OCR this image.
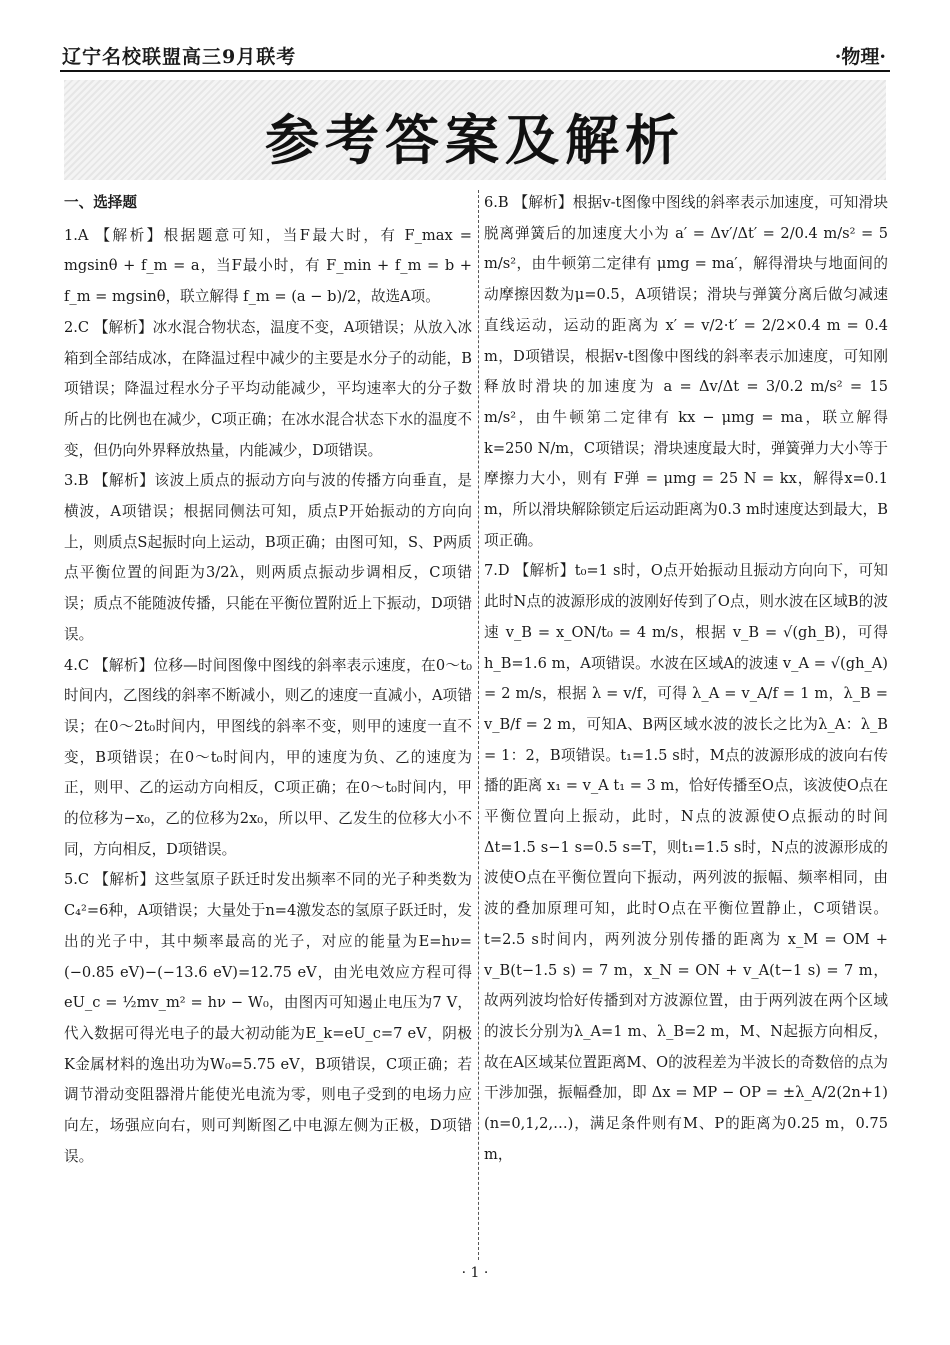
辽宁名校联盟高三9月联考	·物理·
参考答案及解析

一、选择题

1.A 【解析】根据题意可知，当F最大时，有 F_max = mgsinθ + f_m = a，当F最小时，有 F_min + f_m = b + f_m = mgsinθ，联立解得 f_m = (a − b)/2，故选A项。

2.C 【解析】冰水混合物状态，温度不变，A项错误；从放入冰箱到全部结成冰，在降温过程中减少的主要是水分子的动能，B项错误；降温过程水分子平均动能减少，平均速率大的分子数所占的比例也在减少，C项正确；在冰水混合状态下水的温度不变，但仍向外界释放热量，内能减少，D项错误。

3.B 【解析】该波上质点的振动方向与波的传播方向垂直，是横波，A项错误；根据同侧法可知，质点P开始振动的方向向上，则质点S起振时向上运动，B项正确；由图可知，S、P两质点平衡位置的间距为3/2λ，则两质点振动步调相反，C项错误；质点不能随波传播，只能在平衡位置附近上下振动，D项错误。

4.C 【解析】位移—时间图像中图线的斜率表示速度，在0～t₀时间内，乙图线的斜率不断减小，则乙的速度一直减小，A项错误；在0～2t₀时间内，甲图线的斜率不变，则甲的速度一直不变，B项错误；在0～t₀时间内，甲的速度为负、乙的速度为正，则甲、乙的运动方向相反，C项正确；在0～t₀时间内，甲的位移为−x₀，乙的位移为2x₀，所以甲、乙发生的位移大小不同，方向相反，D项错误。

5.C 【解析】这些氢原子跃迁时发出频率不同的光子种类数为C₄²=6种，A项错误；大量处于n=4激发态的氢原子跃迁时，发出的光子中，其中频率最高的光子，对应的能量为E=hν=(−0.85 eV)−(−13.6 eV)=12.75 eV，由光电效应方程可得 eU_c = ½mv_m² = hν − W₀，由图丙可知遏止电压为7 V，代入数据可得光电子的最大初动能为E_k=eU_c=7 eV，阴极K金属材料的逸出功为W₀=5.75 eV，B项错误，C项正确；若调节滑动变阻器滑片能使光电流为零，则电子受到的电场力应向左，场强应向右，则可判断图乙中电源左侧为正极，D项错误。

6.B 【解析】根据v-t图像中图线的斜率表示加速度，可知滑块脱离弹簧后的加速度大小为 a′ = Δv′/Δt′ = 2/0.4 m/s² = 5 m/s²，由牛顿第二定律有 μmg = ma′，解得滑块与地面间的动摩擦因数为μ=0.5，A项错误；滑块与弹簧分离后做匀减速直线运动，运动的距离为 x′ = v/2·t′ = 2/2×0.4 m = 0.4 m，D项错误，根据v-t图像中图线的斜率表示加速度，可知刚释放时滑块的加速度为 a = Δv/Δt = 3/0.2 m/s² = 15 m/s²，由牛顿第二定律有 kx − μmg = ma，联立解得k=250 N/m，C项错误；滑块速度最大时，弹簧弹力大小等于摩擦力大小，则有 F弹 = μmg = 25 N = kx，解得x=0.1 m，所以滑块解除锁定后运动距离为0.3 m时速度达到最大，B项正确。

7.D 【解析】t₀=1 s时，O点开始振动且振动方向向下，可知此时N点的波源形成的波刚好传到了O点，则水波在区域B的波速 v_B = x_ON/t₀ = 4 m/s，根据 v_B = √(gh_B)，可得h_B=1.6 m，A项错误。水波在区域A的波速 v_A = √(gh_A) = 2 m/s，根据 λ = v/f，可得 λ_A = v_A/f = 1 m，λ_B = v_B/f = 2 m，可知A、B两区域水波的波长之比为λ_A：λ_B = 1：2，B项错误。t₁=1.5 s时，M点的波源形成的波向右传播的距离 x₁ = v_A t₁ = 3 m，恰好传播至O点，该波使O点在平衡位置向上振动，此时，N点的波源使O点振动的时间 Δt=1.5 s−1 s=0.5 s=T，则t₁=1.5 s时，N点的波源形成的波使O点在平衡位置向下振动，两列波的振幅、频率相同，由波的叠加原理可知，此时O点在平衡位置静止，C项错误。t=2.5 s时间内，两列波分别传播的距离为 x_M = OM + v_B(t−1.5 s) = 7 m，x_N = ON + v_A(t−1 s) = 7 m，故两列波均恰好传播到对方波源位置，由于两列波在两个区域的波长分别为λ_A=1 m、λ_B=2 m，M、N起振方向相反，故在A区域某位置距离M、O的波程差为半波长的奇数倍的点为干涉加强，振幅叠加，即 Δx = MP − OP = ±λ_A/2(2n+1)(n=0,1,2,…)，满足条件则有M、P的距离为0.25 m，0.75 m，

· 1 ·
